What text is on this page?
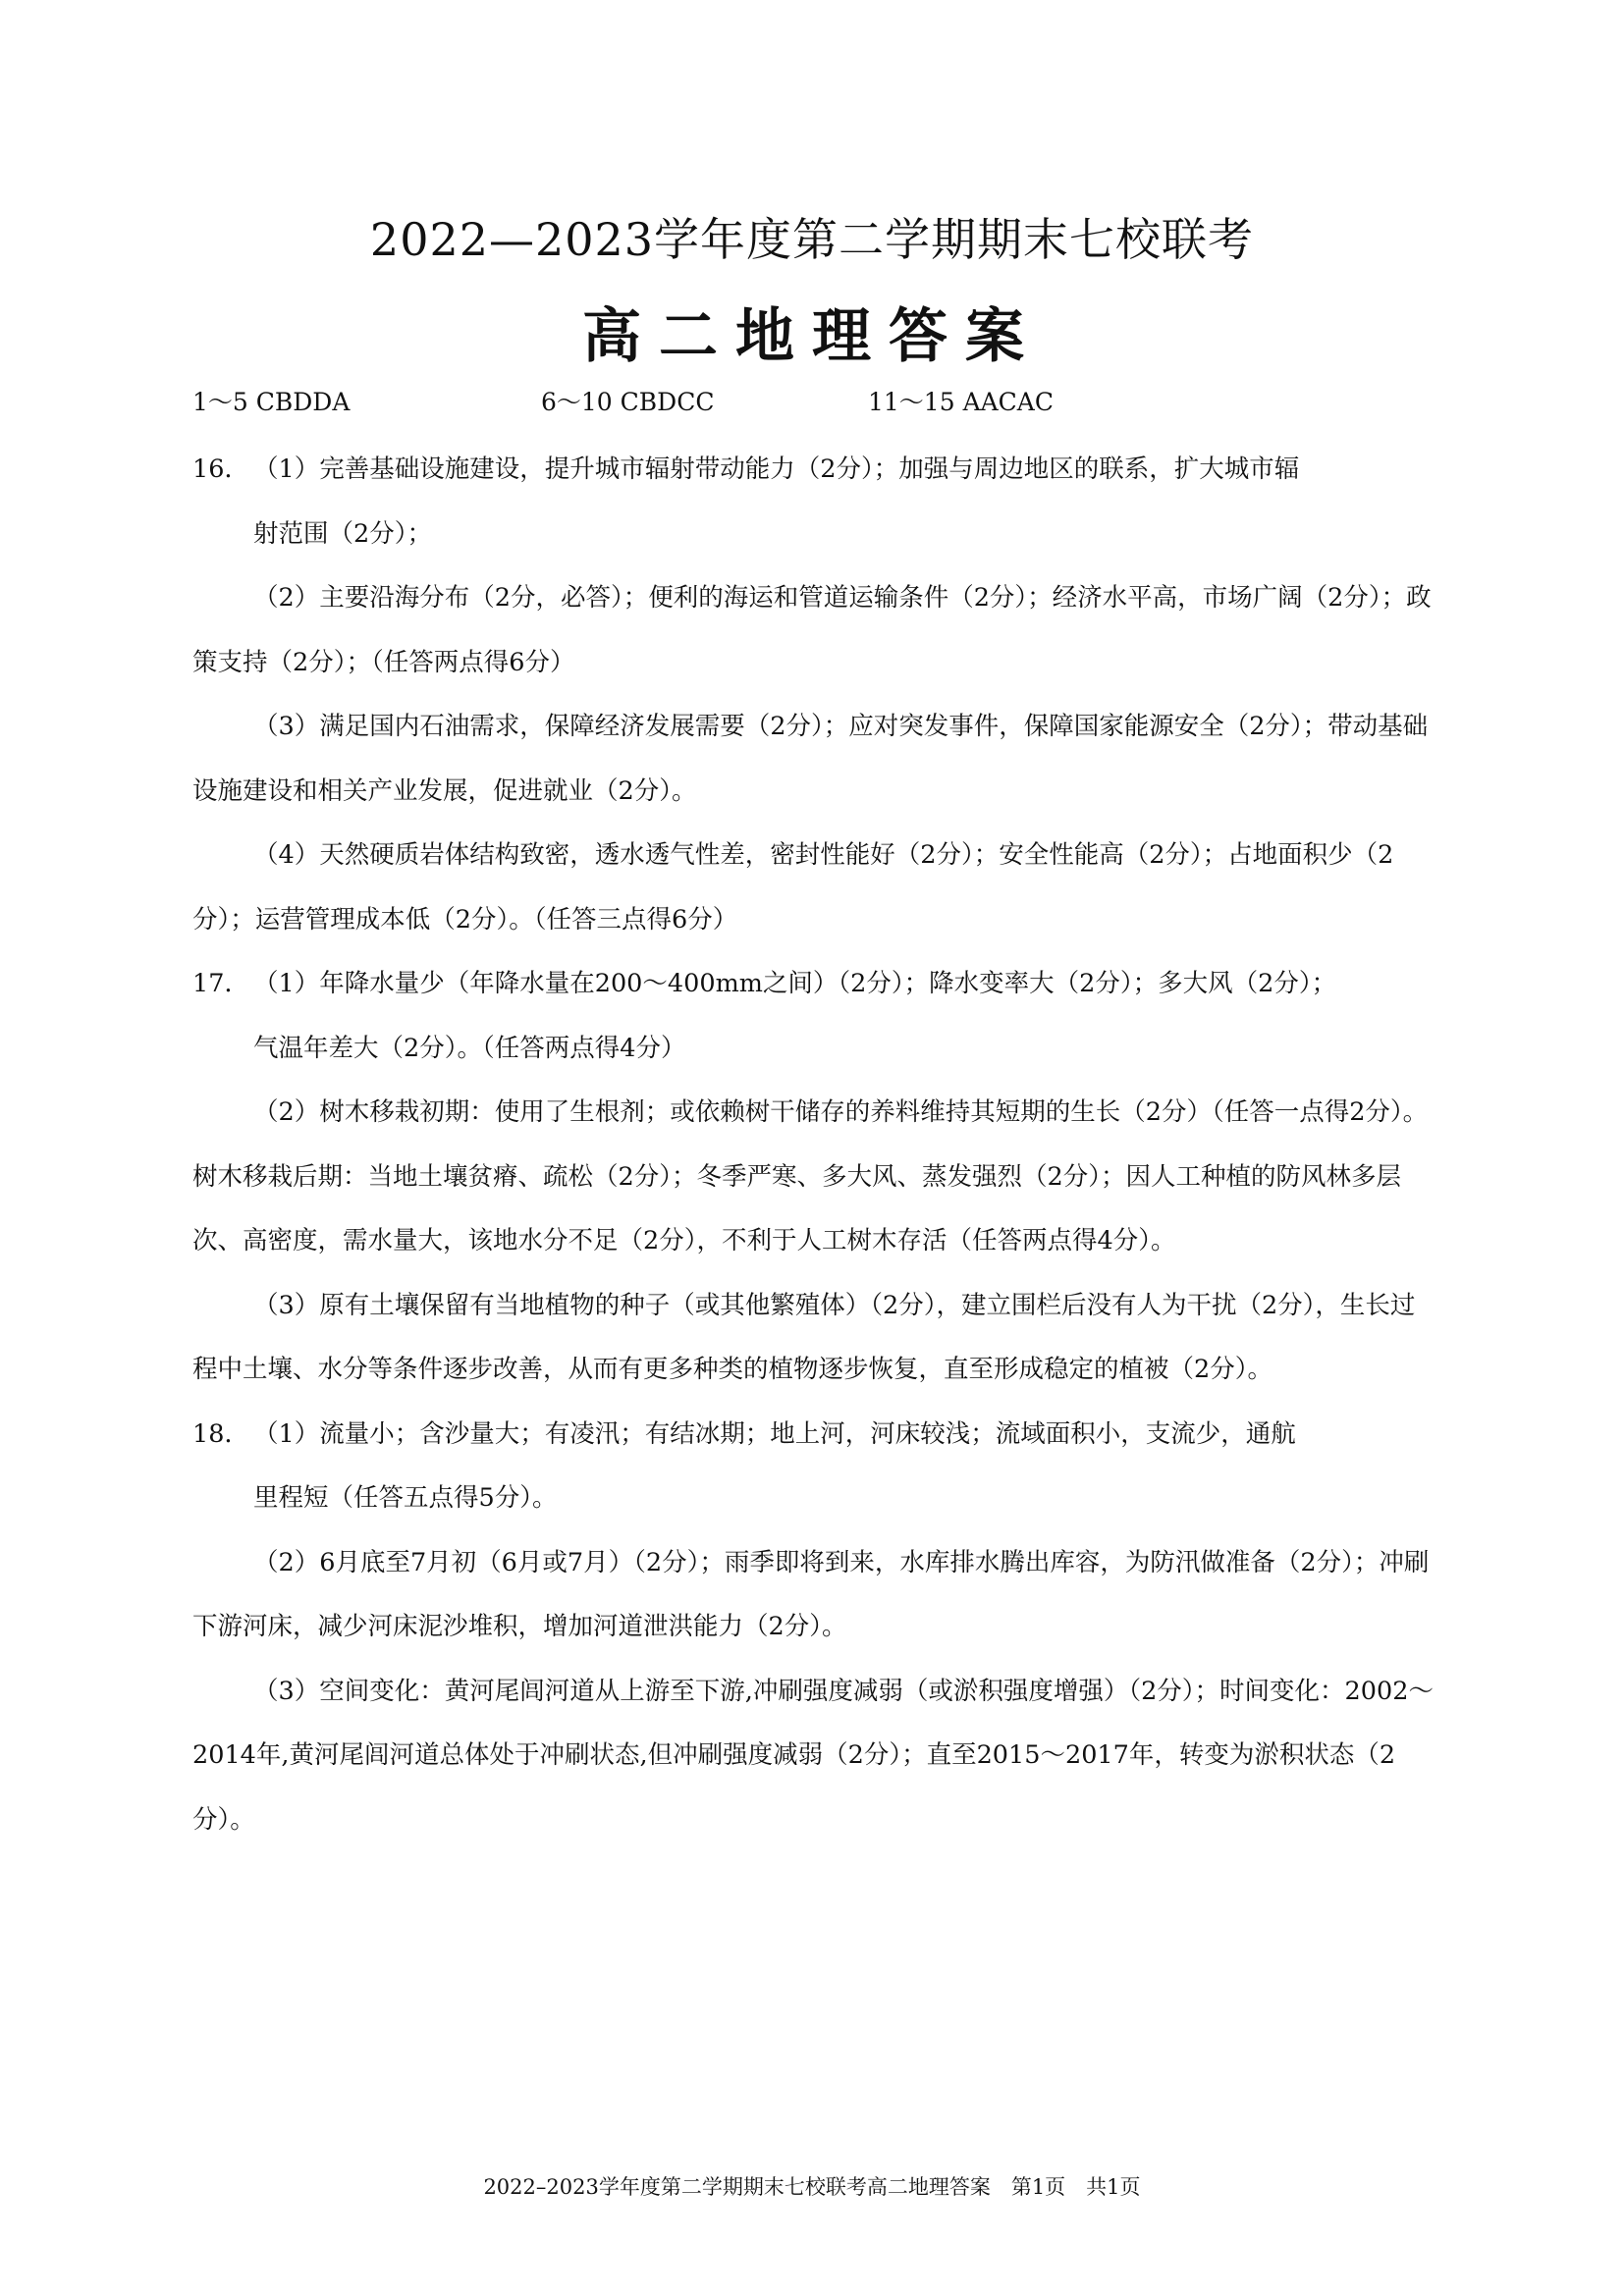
2022—2023学年度第二学期期末七校联考
高二地理答案
1～5 CBDDA	6～10 CBDCC	11～15 AACAC
16． （1）完善基础设施建设，提升城市辐射带动能力（2分）；加强与周边地区的联系，扩大城市辐
射范围（2分）；
（2）主要沿海分布（2分，必答）；便利的海运和管道运输条件（2分）；经济水平高，市场广阔（2分）；政策支持（2分）；（任答两点得6分）
（3）满足国内石油需求，保障经济发展需要（2分）；应对突发事件，保障国家能源安全（2分）；带动基础设施建设和相关产业发展，促进就业（2分）。
（4）天然硬质岩体结构致密，透水透气性差，密封性能好（2分）；安全性能高（2分）；占地面积少（2分）；运营管理成本低（2分）。（任答三点得6分）
17． （1）年降水量少（年降水量在200～400mm之间）（2分）；降水变率大（2分）；多大风（2分）；
气温年差大（2分）。（任答两点得4分）
（2）树木移栽初期：使用了生根剂；或依赖树干储存的养料维持其短期的生长（2分）（任答一点得2分）。树木移栽后期：当地土壤贫瘠、疏松（2分）；冬季严寒、多大风、蒸发强烈（2分）；因人工种植的防风林多层次、高密度，需水量大，该地水分不足（2分），不利于人工树木存活（任答两点得4分）。
（3）原有土壤保留有当地植物的种子（或其他繁殖体）（2分），建立围栏后没有人为干扰（2分），生长过程中土壤、水分等条件逐步改善，从而有更多种类的植物逐步恢复，直至形成稳定的植被（2分）。
18． （1）流量小；含沙量大；有凌汛；有结冰期；地上河，河床较浅；流域面积小，支流少，通航
里程短（任答五点得5分）。
（2）6月底至7月初（6月或7月）（2分）；雨季即将到来，水库排水腾出库容，为防汛做准备（2分）；冲刷下游河床，减少河床泥沙堆积，增加河道泄洪能力（2分）。
（3）空间变化：黄河尾闾河道从上游至下游,冲刷强度减弱（或淤积强度增强）（2分）；时间变化：2002～2014年,黄河尾闾河道总体处于冲刷状态,但冲刷强度减弱（2分）；直至2015～2017年，转变为淤积状态（2分）。
2022–2023学年度第二学期期末七校联考高二地理答案　第1页　共1页
